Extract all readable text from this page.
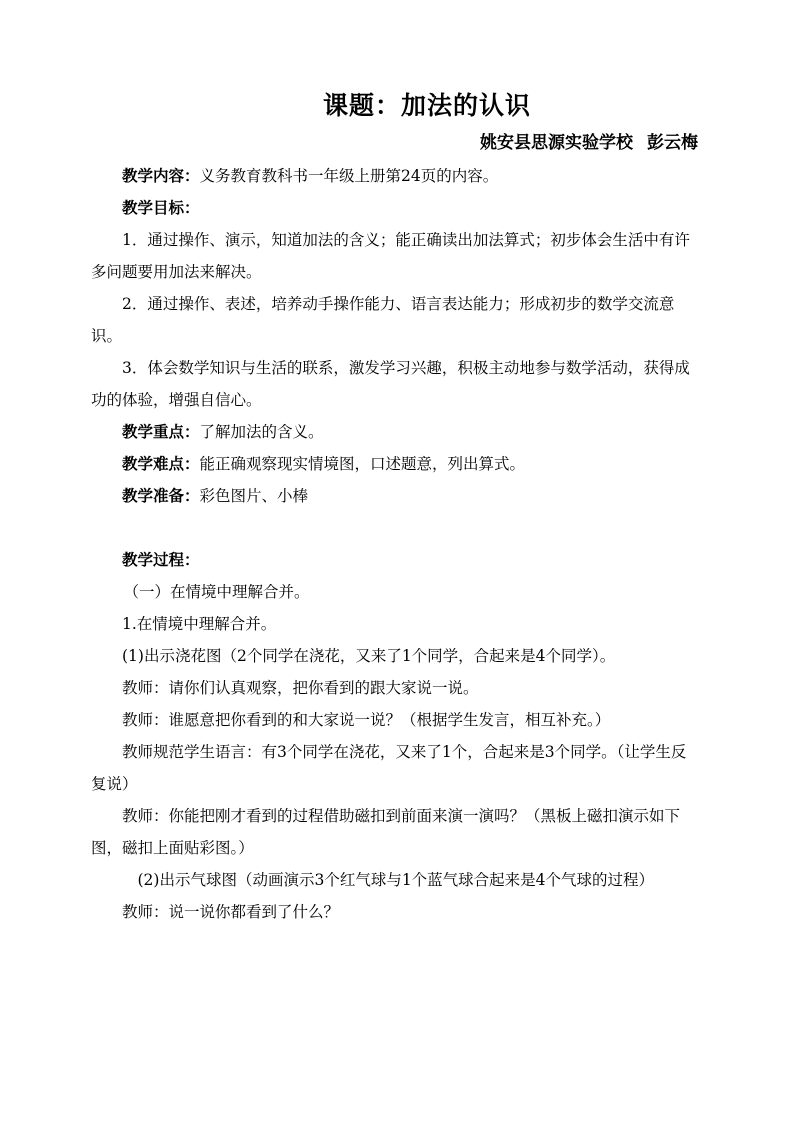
课题：加法的认识
姚安县思源实验学校 彭云梅

教学内容：义务教育教科书一年级上册第24页的内容。

教学目标：

1．通过操作、演示，知道加法的含义；能正确读出加法算式；初步体会生活中有许多问题要用加法来解决。

2．通过操作、表述，培养动手操作能力、语言表达能力；形成初步的数学交流意识。

3．体会数学知识与生活的联系，激发学习兴趣，积极主动地参与数学活动，获得成功的体验，增强自信心。

教学重点：了解加法的含义。

教学难点：能正确观察现实情境图，口述题意，列出算式。

教学准备：彩色图片、小棒

教学过程：

（一）在情境中理解合并。

1.在情境中理解合并。

(1)出示浇花图（2个同学在浇花，又来了1个同学，合起来是4个同学）。

教师：请你们认真观察，把你看到的跟大家说一说。

教师：谁愿意把你看到的和大家说一说？（根据学生发言，相互补充。）

教师规范学生语言：有3个同学在浇花，又来了1个，合起来是3个同学。（让学生反复说）

教师：你能把刚才看到的过程借助磁扣到前面来演一演吗？（黑板上磁扣演示如下图，磁扣上面贴彩图。）

(2)出示气球图（动画演示3个红气球与1个蓝气球合起来是4个气球的过程）

教师：说一说你都看到了什么？
